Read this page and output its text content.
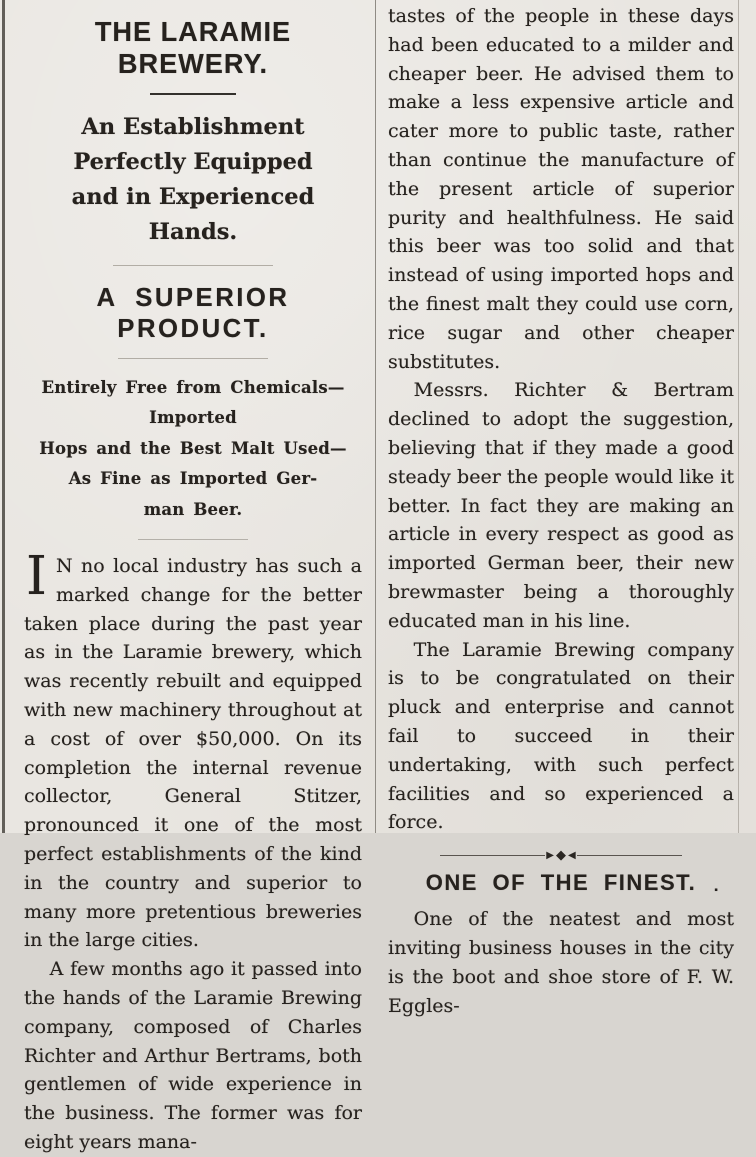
THE LARAMIE BREWERY.
An Establishment Perfectly Equipped
and in Experienced Hands.
A SUPERIOR PRODUCT.
Entirely Free from Chemicals—Imported
Hops and the Best Malt Used—
As Fine as Imported Ger-
man Beer.

I N no local industry has such a marked change for the better taken place during the past year as in the Laramie brewery, which was recently rebuilt and equipped with new machinery throughout at a cost of over $50,000. On its completion the internal revenue collector, General Stitzer, pronounced it one of the most perfect establishments of the kind in the country and superior to many more pretentious breweries in the large cities.

A few months ago it passed into the hands of the Laramie Brewing company, composed of Charles Richter and Arthur Bertrams, both gentlemen of wide experience in the business. The former was for eight years mana-

tastes of the people in these days had been educated to a milder and cheaper beer. He advised them to make a less expensive article and cater more to public taste, rather than continue the manufacture of the present article of superior purity and healthfulness. He said this beer was too solid and that instead of using imported hops and the finest malt they could use corn, rice sugar and other cheaper substitutes.

Messrs. Richter & Bertram declined to adopt the suggestion, believing that if they made a good steady beer the people would like it better. In fact they are making an article in every respect as good as imported German beer, their new brewmaster being a thoroughly educated man in his line.

The Laramie Brewing company is to be congratulated on their pluck and enterprise and cannot fail to succeed in their undertaking, with such perfect facilities and so experienced a force.

▶ ◆ ◀
ONE OF THE FINEST. .

One of the neatest and most inviting business houses in the city is the boot and shoe store of F. W. Eggles-
